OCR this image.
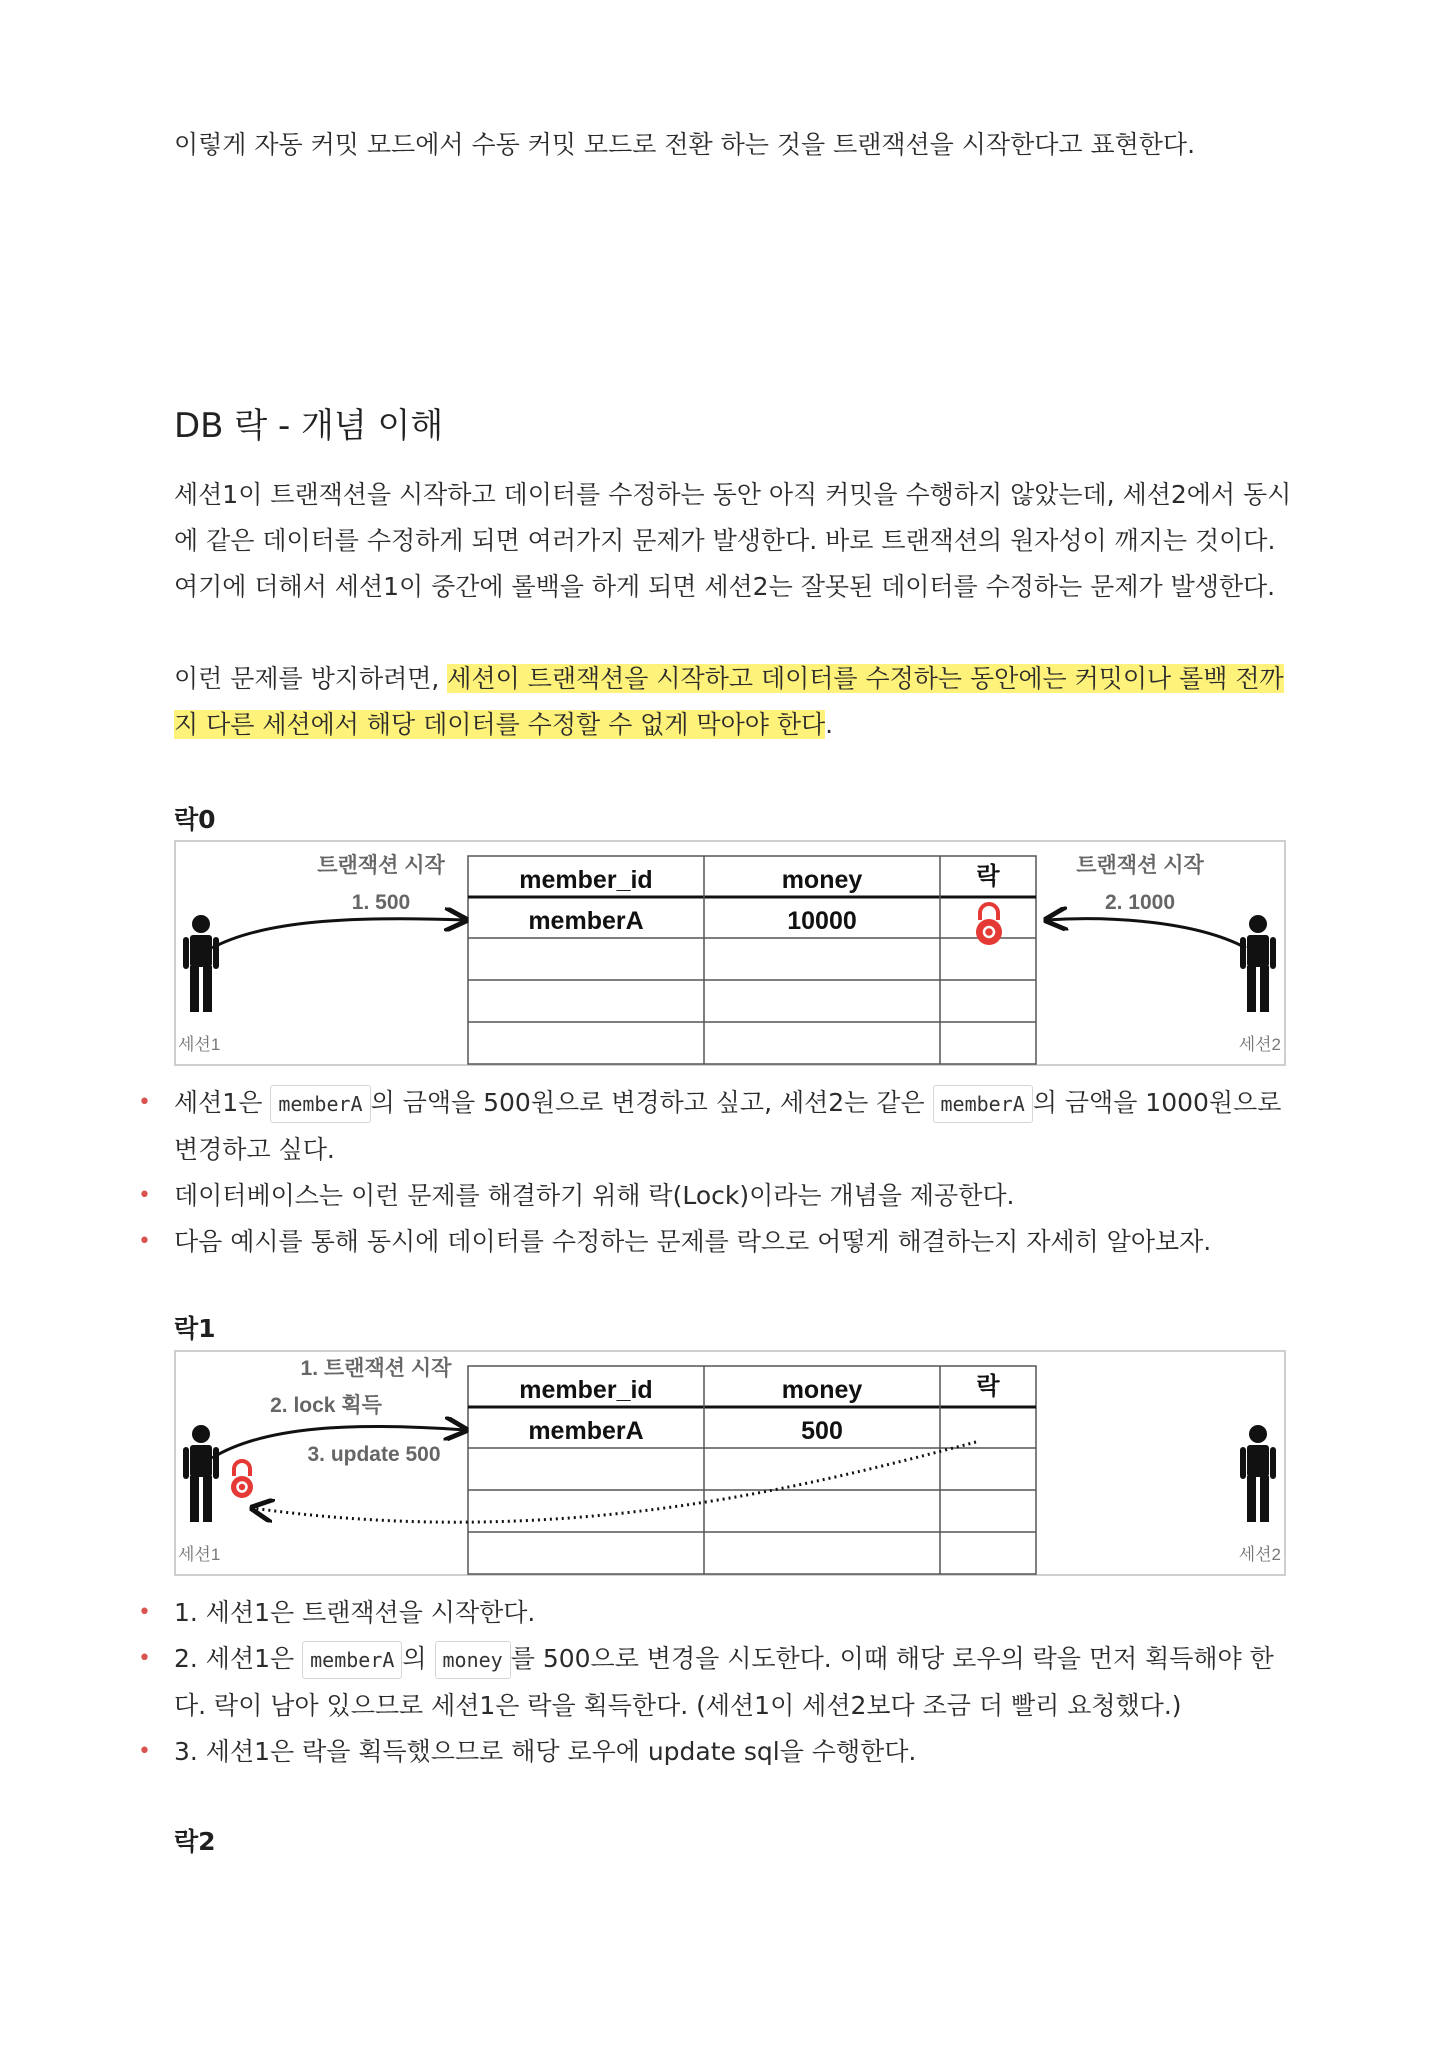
이렇게 자동 커밋 모드에서 수동 커밋 모드로 전환 하는 것을 트랜잭션을 시작한다고 표현한다.

DB 락 - 개념 이해

세션1이 트랜잭션을 시작하고 데이터를 수정하는 동안 아직 커밋을 수행하지 않았는데, 세션2에서 동시에 같은 데이터를 수정하게 되면 여러가지 문제가 발생한다. 바로 트랜잭션의 원자성이 깨지는 것이다. 여기에 더해서 세션1이 중간에 롤백을 하게 되면 세션2는 잘못된 데이터를 수정하는 문제가 발생한다.

이런 문제를 방지하려면, 세션이 트랜잭션을 시작하고 데이터를 수정하는 동안에는 커밋이나 롤백 전까지 다른 세션에서 해당 데이터를 수정할 수 없게 막아야 한다.

락0
member_id	money	락
memberA	10000
트랜잭션 시작
1. 500
트랜잭션 시작
2. 1000
세션1	세션2
• 세션1은 memberA 의 금액을 500원으로 변경하고 싶고, 세션2는 같은 memberA 의 금액을 1000원으로 변경하고 싶다.
• 데이터베이스는 이런 문제를 해결하기 위해 락(Lock)이라는 개념을 제공한다.
• 다음 예시를 통해 동시에 데이터를 수정하는 문제를 락으로 어떻게 해결하는지 자세히 알아보자.
락1
member_id	money	락
memberA	500
1. 트랜잭션 시작
2. lock 획득
3. update 500
세션1	세션2
• 1. 세션1은 트랜잭션을 시작한다.
• 2. 세션1은 memberA 의 money 를 500으로 변경을 시도한다. 이때 해당 로우의 락을 먼저 획득해야 한다. 락이 남아 있으므로 세션1은 락을 획득한다. (세션1이 세션2보다 조금 더 빨리 요청했다.)
• 3. 세션1은 락을 획득했으므로 해당 로우에 update sql을 수행한다.
락2
